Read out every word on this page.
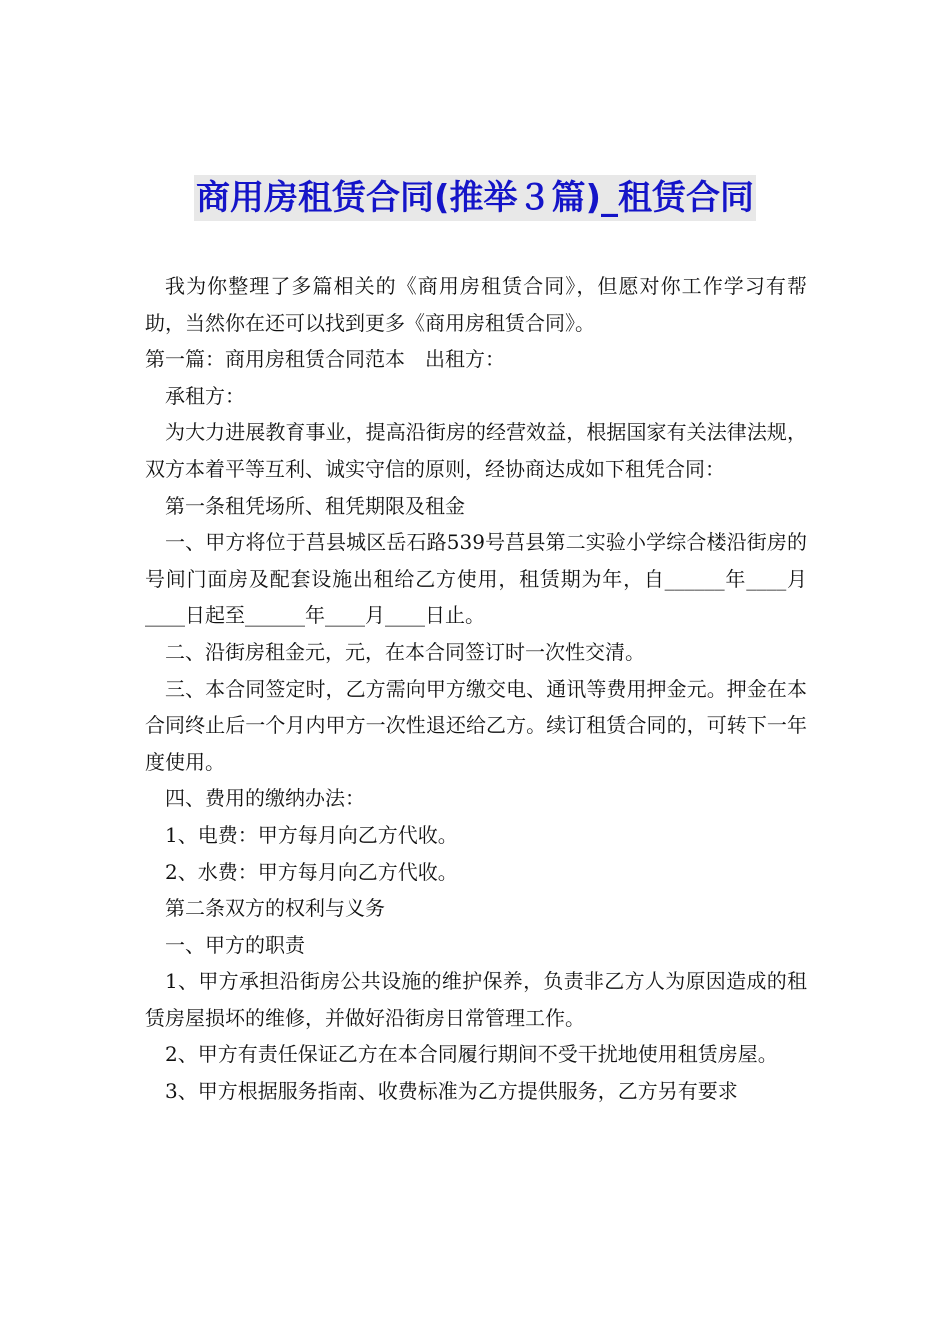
商用房租赁合同(推举３篇)_租赁合同

我为你整理了多篇相关的《商用房租赁合同》，但愿对你工作学习有帮助，当然你在还可以找到更多《商用房租赁合同》。

第一篇：商用房租赁合同范本　出租方：

承租方：

为大力进展教育事业，提高沿街房的经营效益，根据国家有关法律法规，双方本着平等互利、诚实守信的原则，经协商达成如下租凭合同：

第一条租凭场所、租凭期限及租金

一、甲方将位于莒县城区岳石路539号莒县第二实验小学综合楼沿街房的号间门面房及配套设施出租给乙方使用，租赁期为年，自______年____月____日起至______年____月____日止。

二、沿街房租金元，元，在本合同签订时一次性交清。

三、本合同签定时，乙方需向甲方缴交电、通讯等费用押金元。押金在本合同终止后一个月内甲方一次性退还给乙方。续订租赁合同的，可转下一年度使用。

四、费用的缴纳办法：

1、电费：甲方每月向乙方代收。

2、水费：甲方每月向乙方代收。

第二条双方的权利与义务

一、甲方的职责

1、甲方承担沿街房公共设施的维护保养，负责非乙方人为原因造成的租赁房屋损坏的维修，并做好沿街房日常管理工作。

2、甲方有责任保证乙方在本合同履行期间不受干扰地使用租赁房屋。

3、甲方根据服务指南、收费标准为乙方提供服务，乙方另有要求
